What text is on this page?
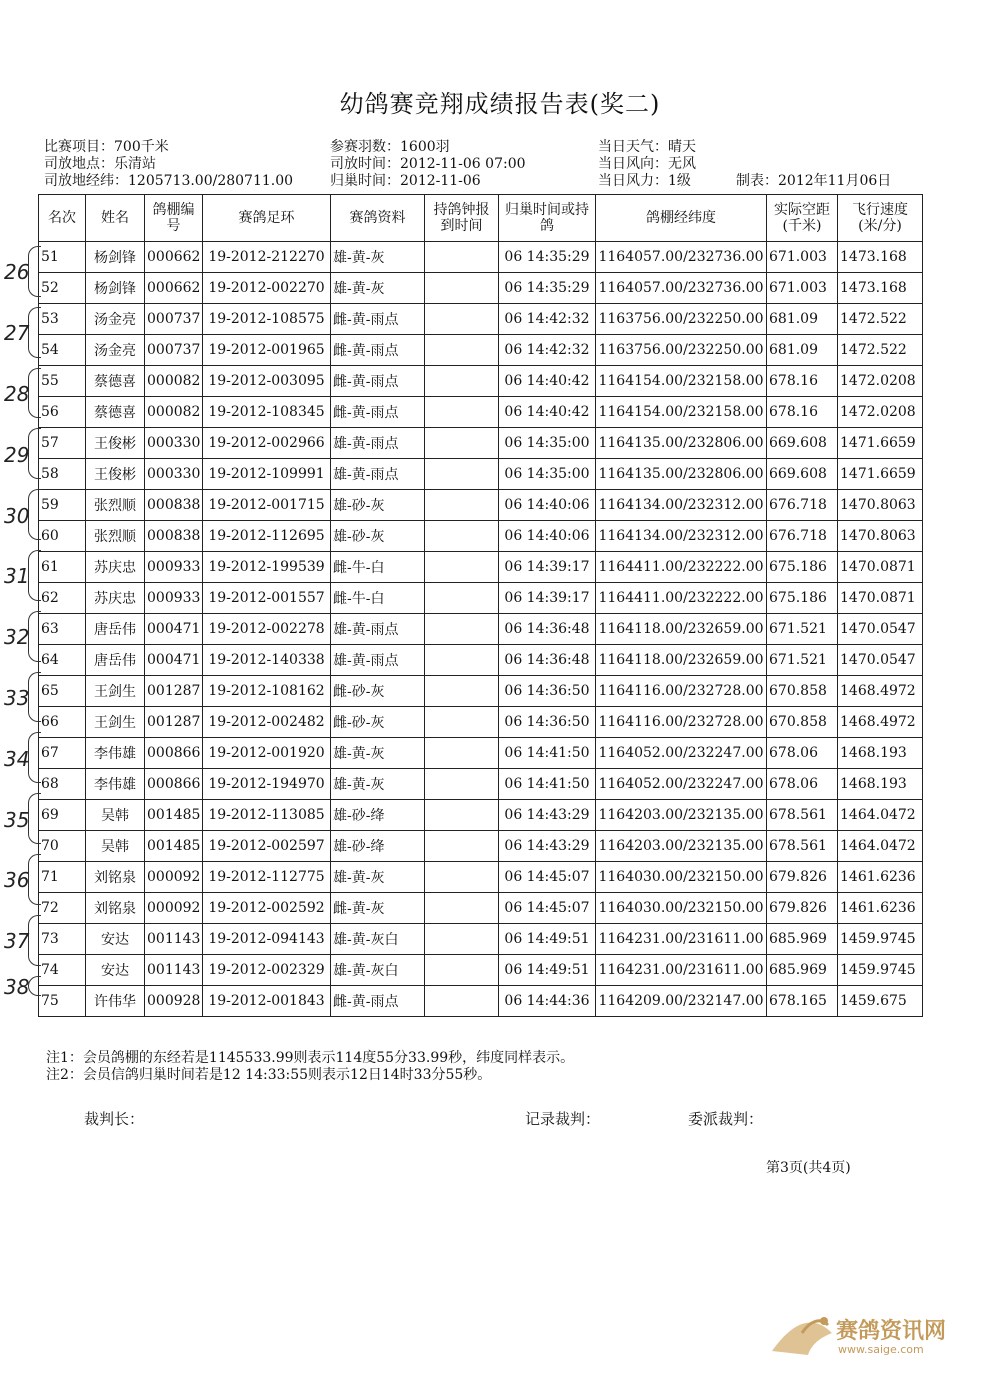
幼鸽赛竞翔成绩报告表(奖二)
比赛项目：700千米
司放地点：乐清站
司放地经纬：1205713.00/280711.00
参赛羽数：1600羽
司放时间：2012-11-06 07:00
归巢时间：2012-11-06
当日天气：晴天
当日风向：无风
当日风力：1级	制表：2012年11月06日
名次	姓名	鸽棚编号	赛鸽足环	赛鸽资料	持鸽钟报到时间	归巢时间或持鸽	鸽棚经纬度	实际空距(千米)	飞行速度(米/分)
51	杨剑锋	000662	19-2012-212270	雄-黄-灰		06 14:35:29	1164057.00/232736.00	671.003	1473.168
52	杨剑锋	000662	19-2012-002270	雄-黄-灰		06 14:35:29	1164057.00/232736.00	671.003	1473.168
53	汤金亮	000737	19-2012-108575	雌-黄-雨点		06 14:42:32	1163756.00/232250.00	681.09	1472.522
54	汤金亮	000737	19-2012-001965	雌-黄-雨点		06 14:42:32	1163756.00/232250.00	681.09	1472.522
55	蔡德喜	000082	19-2012-003095	雌-黄-雨点		06 14:40:42	1164154.00/232158.00	678.16	1472.0208
56	蔡德喜	000082	19-2012-108345	雌-黄-雨点		06 14:40:42	1164154.00/232158.00	678.16	1472.0208
57	王俊彬	000330	19-2012-002966	雄-黄-雨点		06 14:35:00	1164135.00/232806.00	669.608	1471.6659
58	王俊彬	000330	19-2012-109991	雄-黄-雨点		06 14:35:00	1164135.00/232806.00	669.608	1471.6659
59	张烈顺	000838	19-2012-001715	雄-砂-灰		06 14:40:06	1164134.00/232312.00	676.718	1470.8063
60	张烈顺	000838	19-2012-112695	雄-砂-灰		06 14:40:06	1164134.00/232312.00	676.718	1470.8063
61	苏庆忠	000933	19-2012-199539	雌-牛-白		06 14:39:17	1164411.00/232222.00	675.186	1470.0871
62	苏庆忠	000933	19-2012-001557	雌-牛-白		06 14:39:17	1164411.00/232222.00	675.186	1470.0871
63	唐岳伟	000471	19-2012-002278	雄-黄-雨点		06 14:36:48	1164118.00/232659.00	671.521	1470.0547
64	唐岳伟	000471	19-2012-140338	雄-黄-雨点		06 14:36:48	1164118.00/232659.00	671.521	1470.0547
65	王剑生	001287	19-2012-108162	雌-砂-灰		06 14:36:50	1164116.00/232728.00	670.858	1468.4972
66	王剑生	001287	19-2012-002482	雌-砂-灰		06 14:36:50	1164116.00/232728.00	670.858	1468.4972
67	李伟雄	000866	19-2012-001920	雄-黄-灰		06 14:41:50	1164052.00/232247.00	678.06	1468.193
68	李伟雄	000866	19-2012-194970	雄-黄-灰		06 14:41:50	1164052.00/232247.00	678.06	1468.193
69	吴韩	001485	19-2012-113085	雄-砂-绛		06 14:43:29	1164203.00/232135.00	678.561	1464.0472
70	吴韩	001485	19-2012-002597	雄-砂-绛		06 14:43:29	1164203.00/232135.00	678.561	1464.0472
71	刘铭泉	000092	19-2012-112775	雄-黄-灰		06 14:45:07	1164030.00/232150.00	679.826	1461.6236
72	刘铭泉	000092	19-2012-002592	雌-黄-灰		06 14:45:07	1164030.00/232150.00	679.826	1461.6236
73	安达	001143	19-2012-094143	雄-黄-灰白		06 14:49:51	1164231.00/231611.00	685.969	1459.9745
74	安达	001143	19-2012-002329	雄-黄-灰白		06 14:49:51	1164231.00/231611.00	685.969	1459.9745
75	许伟华	000928	19-2012-001843	雌-黄-雨点		06 14:44:36	1164209.00/232147.00	678.165	1459.675
26
27
28
29
30
31
32
33
34
35
36
37
38
注1：会员鸽棚的东经若是1145533.99则表示114度55分33.99秒，纬度同样表示。
注2：会员信鸽归巢时间若是12 14:33:55则表示12日14时33分55秒。
裁判长：	记录裁判：	委派裁判：
第3页(共4页)
赛鸽资讯网
www.saige.com
